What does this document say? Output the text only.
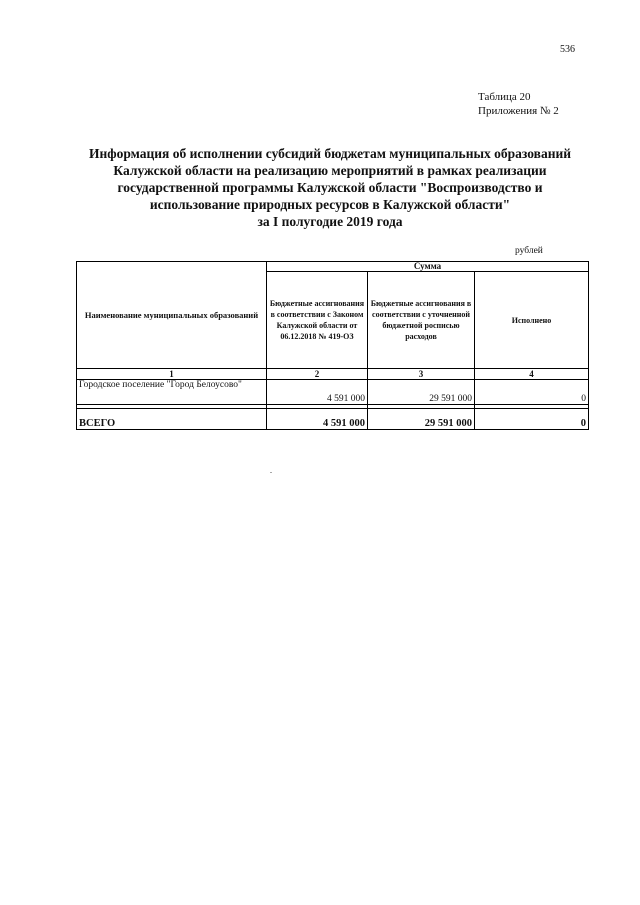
536
Таблица 20
Приложения № 2
Информация об исполнении субсидий бюджетам муниципальных образований
Калужской области на реализацию мероприятий в рамках реализации
государственной программы Калужской области "Воспроизводство и
использование природных ресурсов в Калужской области"
за I полугодие 2019 года
рублей
Наименование муниципальных образований	Сумма		
	Бюджетные ассигнования в соответствии с Законом Калужской области от 06.12.2018 № 419-ОЗ	Бюджетные ассигнования в соответствии с уточненной бюджетной росписью расходов	Исполнено
1	2	3	4
Городское поселение "Город Белоусово"	4 591 000	29 591 000	0

ВСЕГО	4 591 000	29 591 000	0
.
